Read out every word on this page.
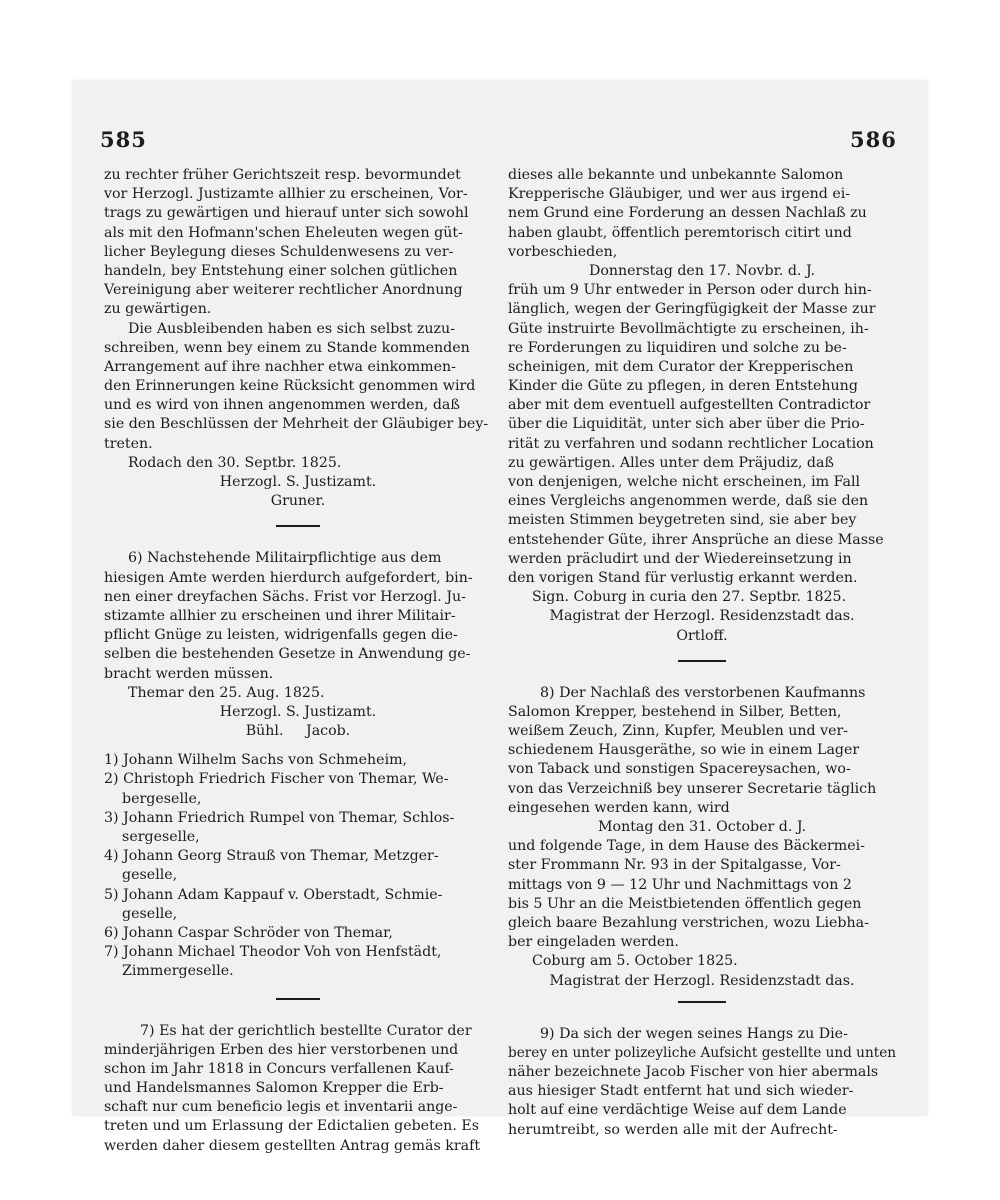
585	586
zu rechter früher Gerichtszeit resp. bevormundet
vor Herzogl. Justizamte allhier zu erscheinen, Vor-
trags zu gewärtigen und hierauf unter sich sowohl
als mit den Hofmann'schen Eheleuten wegen güt-
licher Beylegung dieses Schuldenwesens zu ver-
handeln, bey Entstehung einer solchen gütlichen
Vereinigung aber weiterer rechtlicher Anordnung
zu gewärtigen.
Die Ausbleibenden haben es sich selbst zuzu-
schreiben, wenn bey einem zu Stande kommenden
Arrangement auf ihre nachher etwa einkommen-
den Erinnerungen keine Rücksicht genommen wird
und es wird von ihnen angenommen werden, daß
sie den Beschlüssen der Mehrheit der Gläubiger bey-
treten.
Rodach den 30. Septbr. 1825.
Herzogl. S. Justizamt.
Gruner.
6) Nachstehende Militairpflichtige aus dem
hiesigen Amte werden hierdurch aufgefordert, bin-
nen einer dreyfachen Sächs. Frist vor Herzogl. Ju-
stizamte allhier zu erscheinen und ihrer Militair-
pflicht Gnüge zu leisten, widrigenfalls gegen die-
selben die bestehenden Gesetze in Anwendung ge-
bracht werden müssen.
Themar den 25. Aug. 1825.
Herzogl. S. Justizamt.
Bühl.     Jacob.
1) Johann Wilhelm Sachs von Schmeheim,
2) Christoph Friedrich Fischer von Themar, We-
bergeselle,
3) Johann Friedrich Rumpel von Themar, Schlos-
sergeselle,
4) Johann Georg Strauß von Themar, Metzger-
geselle,
5) Johann Adam Kappauf v. Oberstadt, Schmie-
geselle,
6) Johann Caspar Schröder von Themar,
7) Johann Michael Theodor Voh von Henfstädt,
Zimmergeselle.
7) Es hat der gerichtlich bestellte Curator der
minderjährigen Erben des hier verstorbenen und
schon im Jahr 1818 in Concurs verfallenen Kauf-
und Handelsmannes Salomon Krepper die Erb-
schaft nur cum beneficio legis et inventarii ange-
treten und um Erlassung der Edictalien gebeten. Es
werden daher diesem gestellten Antrag gemäs kraft
dieses alle bekannte und unbekannte Salomon
Krepperische Gläubiger, und wer aus irgend ei-
nem Grund eine Forderung an dessen Nachlaß zu
haben glaubt, öffentlich peremtorisch citirt und
vorbeschieden,
Donnerstag den 17. Novbr. d. J.
früh um 9 Uhr entweder in Person oder durch hin-
länglich, wegen der Geringfügigkeit der Masse zur
Güte instruirte Bevollmächtigte zu erscheinen, ih-
re Forderungen zu liquidiren und solche zu be-
scheinigen, mit dem Curator der Krepperischen
Kinder die Güte zu pflegen, in deren Entstehung
aber mit dem eventuell aufgestellten Contradictor
über die Liquidität, unter sich aber über die Prio-
rität zu verfahren und sodann rechtlicher Location
zu gewärtigen. Alles unter dem Präjudiz, daß
von denjenigen, welche nicht erscheinen, im Fall
eines Vergleichs angenommen werde, daß sie den
meisten Stimmen beygetreten sind, sie aber bey
entstehender Güte, ihrer Ansprüche an diese Masse
werden präcludirt und der Wiedereinsetzung in
den vorigen Stand für verlustig erkannt werden.
Sign. Coburg in curia den 27. Septbr. 1825.
Magistrat der Herzogl. Residenzstadt das.
Ortloff.
8) Der Nachlaß des verstorbenen Kaufmanns
Salomon Krepper, bestehend in Silber, Betten,
weißem Zeuch, Zinn, Kupfer, Meublen und ver-
schiedenem Hausgeräthe, so wie in einem Lager
von Taback und sonstigen Spacereysachen, wo-
von das Verzeichniß bey unserer Secretarie täglich
eingesehen werden kann, wird
Montag den 31. October d. J.
und folgende Tage, in dem Hause des Bäckermei-
ster Frommann Nr. 93 in der Spitalgasse, Vor-
mittags von 9 — 12 Uhr und Nachmittags von 2
bis 5 Uhr an die Meistbietenden öffentlich gegen
gleich baare Bezahlung verstrichen, wozu Liebha-
ber eingeladen werden.
Coburg am 5. October 1825.
Magistrat der Herzogl. Residenzstadt das.
9) Da sich der wegen seines Hangs zu Die-
berey en unter polizeyliche Aufsicht gestellte und unten
näher bezeichnete Jacob Fischer von hier abermals
aus hiesiger Stadt entfernt hat und sich wieder-
holt auf eine verdächtige Weise auf dem Lande
herumtreibt, so werden alle mit der Aufrecht-
